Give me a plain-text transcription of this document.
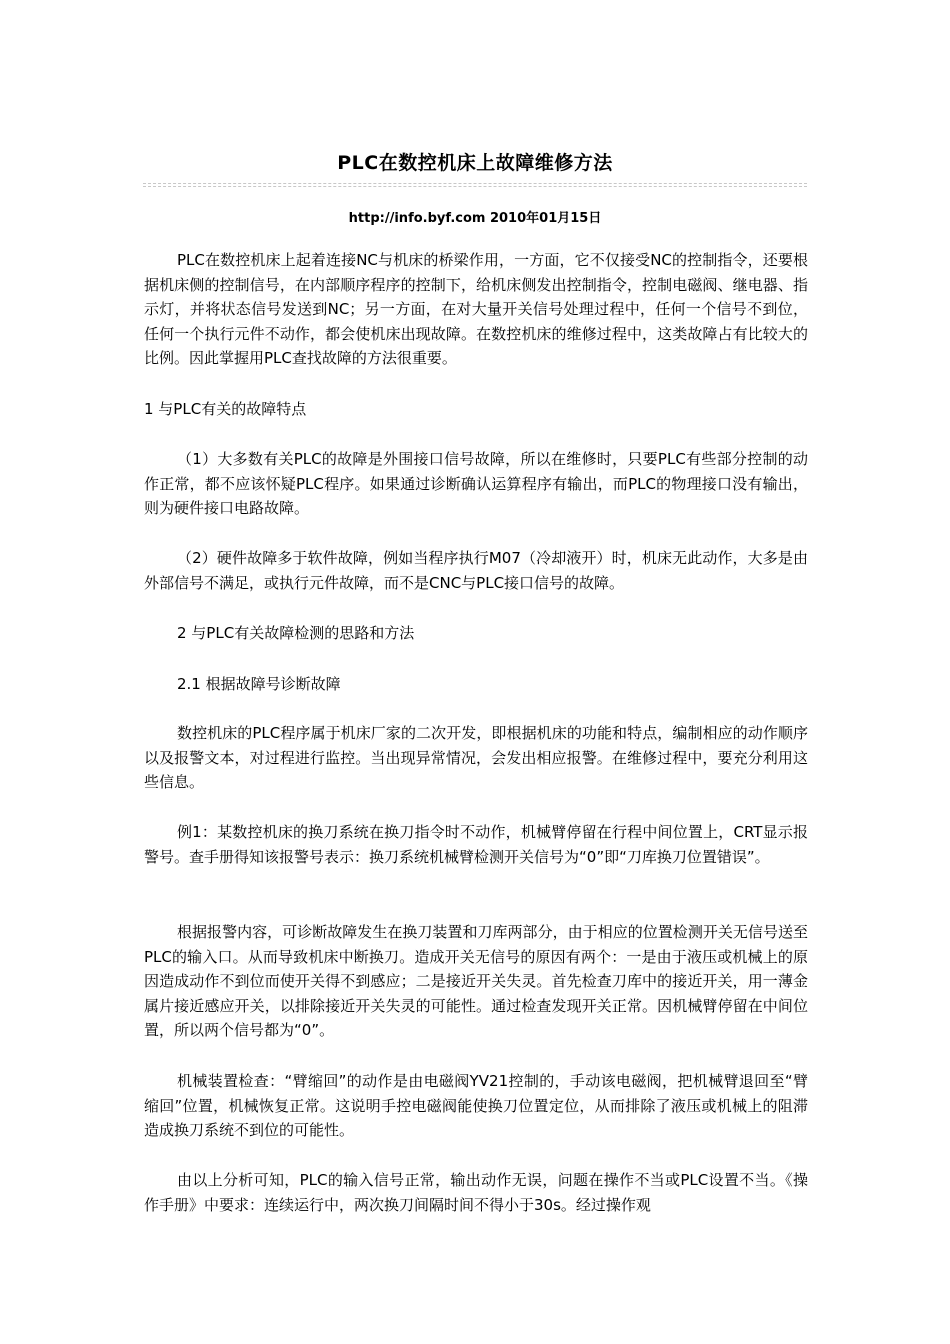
PLC在数控机床上故障维修方法
http://info.byf.com 2010年01月15日

PLC在数控机床上起着连接NC与机床的桥梁作用，一方面，它不仅接受NC的控制指令，还要根据机床侧的控制信号，在内部顺序程序的控制下，给机床侧发出控制指令，控制电磁阀、继电器、指示灯，并将状态信号发送到NC；另一方面，在对大量开关信号处理过程中，任何一个信号不到位，任何一个执行元件不动作，都会使机床出现故障。在数控机床的维修过程中，这类故障占有比较大的比例。因此掌握用PLC查找故障的方法很重要。

1 与PLC有关的故障特点

（1）大多数有关PLC的故障是外围接口信号故障，所以在维修时，只要PLC有些部分控制的动作正常，都不应该怀疑PLC程序。如果通过诊断确认运算程序有输出，而PLC的物理接口没有输出，则为硬件接口电路故障。

（2）硬件故障多于软件故障，例如当程序执行M07（冷却液开）时，机床无此动作，大多是由外部信号不满足，或执行元件故障，而不是CNC与PLC接口信号的故障。

2 与PLC有关故障检测的思路和方法

2.1 根据故障号诊断故障

数控机床的PLC程序属于机床厂家的二次开发，即根据机床的功能和特点，编制相应的动作顺序以及报警文本，对过程进行监控。当出现异常情况，会发出相应报警。在维修过程中，要充分利用这些信息。

例1：某数控机床的换刀系统在换刀指令时不动作，机械臂停留在行程中间位置上，CRT显示报警号。查手册得知该报警号表示：换刀系统机械臂检测开关信号为“0”即“刀库换刀位置错误”。

根据报警内容，可诊断故障发生在换刀装置和刀库两部分，由于相应的位置检测开关无信号送至PLC的输入口。从而导致机床中断换刀。造成开关无信号的原因有两个：一是由于液压或机械上的原因造成动作不到位而使开关得不到感应；二是接近开关失灵。首先检查刀库中的接近开关，用一薄金属片接近感应开关，以排除接近开关失灵的可能性。通过检查发现开关正常。因机械臂停留在中间位置，所以两个信号都为“0”。

机械装置检查：“臂缩回”的动作是由电磁阀YV21控制的，手动该电磁阀，把机械臂退回至“臂缩回”位置，机械恢复正常。这说明手控电磁阀能使换刀位置定位，从而排除了液压或机械上的阻滞造成换刀系统不到位的可能性。

由以上分析可知，PLC的输入信号正常，输出动作无误，问题在操作不当或PLC设置不当。《操作手册》中要求：连续运行中，两次换刀间隔时间不得小于30s。经过操作观
